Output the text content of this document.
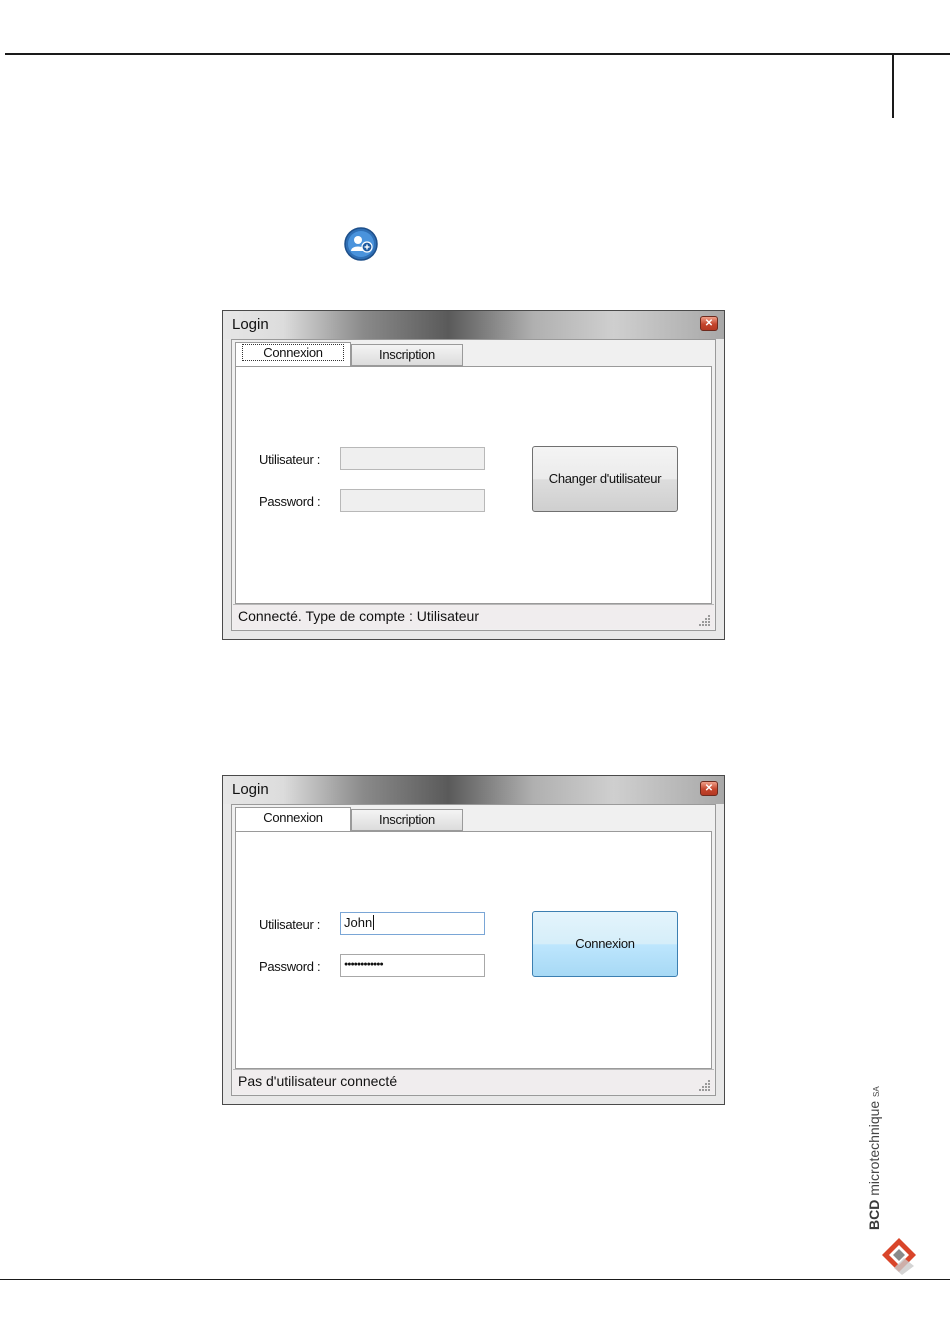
Login	✕
Connexion	Inscription
Utilisateur :
Password :
Changer d'utilisateur
Connecté. Type de compte : Utilisateur
Login	✕
Connexion	Inscription
Utilisateur :	John
Password :	●●●●●●●●●●●●
Connexion
Pas d'utilisateur connecté
BCD microtechnique SA
